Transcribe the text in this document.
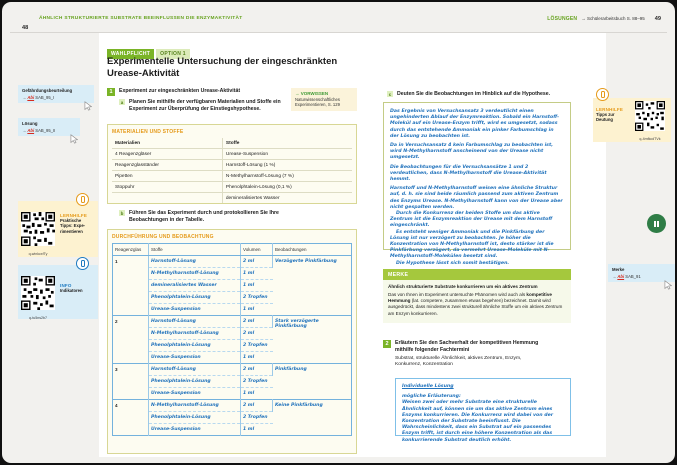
48
ÄHNLICH STRUKTURIERTE SUBSTRATE BEEINFLUSSEN DIE ENZYMAKTIVITÄT	LÖSUNGEN → Schülerarbeitsbuch S. 88–95 49
Gefährdungsbeurteilung
→ Abi SAB_95_I
Lösung
→ Abi SAB_95_II
q-winkcxfTy
LERNHILFE
Praktische
Tipps: Expe-
rimentieren
q-tu5ns2b7
INFO
Indikatoren
LERNHILFE
Tipps zur
Deutung
q-4mfkcdTVk
Merke
→ Abi SAB_91
WAHLPFLICHT OPTION 1
Experimentelle Untersuchung der eingeschränkten Urease-Aktivität
1	Experiment zur eingeschränkten Urease-Aktivität
a	Planen Sie mithilfe der verfügbaren Materialien und Stoffe ein Experiment zur Überprüfung der Einstiegshypothese.
→ VORWISSEN
Naturwissenschaftliches Experimentieren, S. 129
MATERIALIEN UND STOFFE
Materialien	Stoffe
4 Reagenzgläser	Urease-Suspension
Reagenzglasständer	Harnstoff-Lösung (1 %)
Pipetten	N-Methylharnstoff-Lösung (7 %)
Stoppuhr	Phenolphtalein-Lösung (0,1 %)
	demineralisiertes Wasser
b	Führen Sie das Experiment durch und protokollieren Sie Ihre Beobachtungen in der Tabelle.
DURCHFÜHRUNG UND BEOBACHTUNG
Reagenzglas	Stoffe	Volumen	Beobachtungen
1	Harnstoff-Lösung	2 ml	Verzögerte Pinkfärbung
	N-Methylharnstoff-Lösung	1 ml	
	demineralisiertes Wasser	1 ml	
	Phenolphtalein-Lösung	2 Tropfen	
	Urease-Suspension	1 ml	
2	Harnstoff-Lösung	2 ml	Stark verzögerte Pinkfärbung
	N-Methylharnstoff-Lösung	2 ml	
	Phenolphtalein-Lösung	2 Tropfen	
	Urease-Suspension	1 ml	
3	Harnstoff-Lösung	2 ml	Pinkfärbung
	Phenolphtalein-Lösung	2 Tropfen	
	Urease-Suspension	1 ml	
4	N-Methylharnstoff-Lösung	2 ml	Keine Pinkfärbung
	Phenolphtalein-Lösung	2 Tropfen	
	Urease-Suspension	1 ml	
c	Deuten Sie die Beobachtungen im Hinblick auf die Hypothese.
Das Ergebnis von Versuchsansatz 3 verdeutlicht einen ungehinderten Ablauf der Enzymreaktion. Sobald ein Harnstoff-Molekül auf ein Urease-Enzym trifft, wird es umgesetzt, sodass durch das entstehende Ammoniak ein pinker Farbumschlag in der Lösung zu beobachten ist.
Da in Versuchsansatz 4 kein Farbumschlag zu beobachten ist, wird N-Methylharnstoff anscheinend von der Urease nicht umgesetzt.
Die Beobachtungen für die Versuchsansätze 1 und 2 verdeutlichen, dass N-Methylharnstoff die Urease-Aktivität hemmt.
Harnstoff und N-Methylharnstoff weisen eine ähnliche Struktur auf, d. h. sie sind beide räumlich passend zum aktiven Zentrum des Enzyms Urease. N-Methylharnstoff kann von der Urease aber nicht gespalten werden.
Durch die Konkurrenz der beiden Stoffe um das aktive Zentrum ist die Enzymreaktion der Urease mit dem Harnstoff eingeschränkt.
Es entsteht weniger Ammoniak und die Pinkfärbung der Lösung ist nur verzögert zu beobachten. Je höher die Konzentration von N-Methylharnstoff ist, desto stärker ist die Pinkfärbung verzögert, da vermehrt Urease-Moleküle mit N-Methylharnstoff-Molekülen besetzt sind.
Die Hypothese lässt sich somit bestätigen.
MERKE
Ähnlich strukturierte Substrate konkurrieren um ein aktives Zentrum
Das von Ihnen im Experiment untersuchte Phänomen wird auch als kompetitive Hemmung (lat. competere, zusammen etwas begehren) bezeichnet. Damit wird ausgedrückt, dass mindestens zwei strukturell ähnliche Stoffe um ein aktives Zentrum am Enzym konkurrieren.
2	Erläutern Sie den Sachverhalt der kompetitiven Hemmung mithilfe folgender Fachtermini
Substrat, strukturelle Ähnlichkeit, aktives Zentrum, Enzym, Konkurrenz, Konzentration
Individuelle Lösung
mögliche Erläuterung:
Weisen zwei oder mehr Substrate eine strukturelle Ähnlichkeit auf, können sie um das aktive Zentrum eines Enzyms konkurrieren. Die Konkurrenz wird dabei von der Konzentration der Substrate beeinflusst. Die Wahrscheinlichkeit, dass ein Substrat auf ein passendes Enzym trifft, ist durch eine höhere Konzentration als das konkurrierende Substrat deutlich erhöht.
